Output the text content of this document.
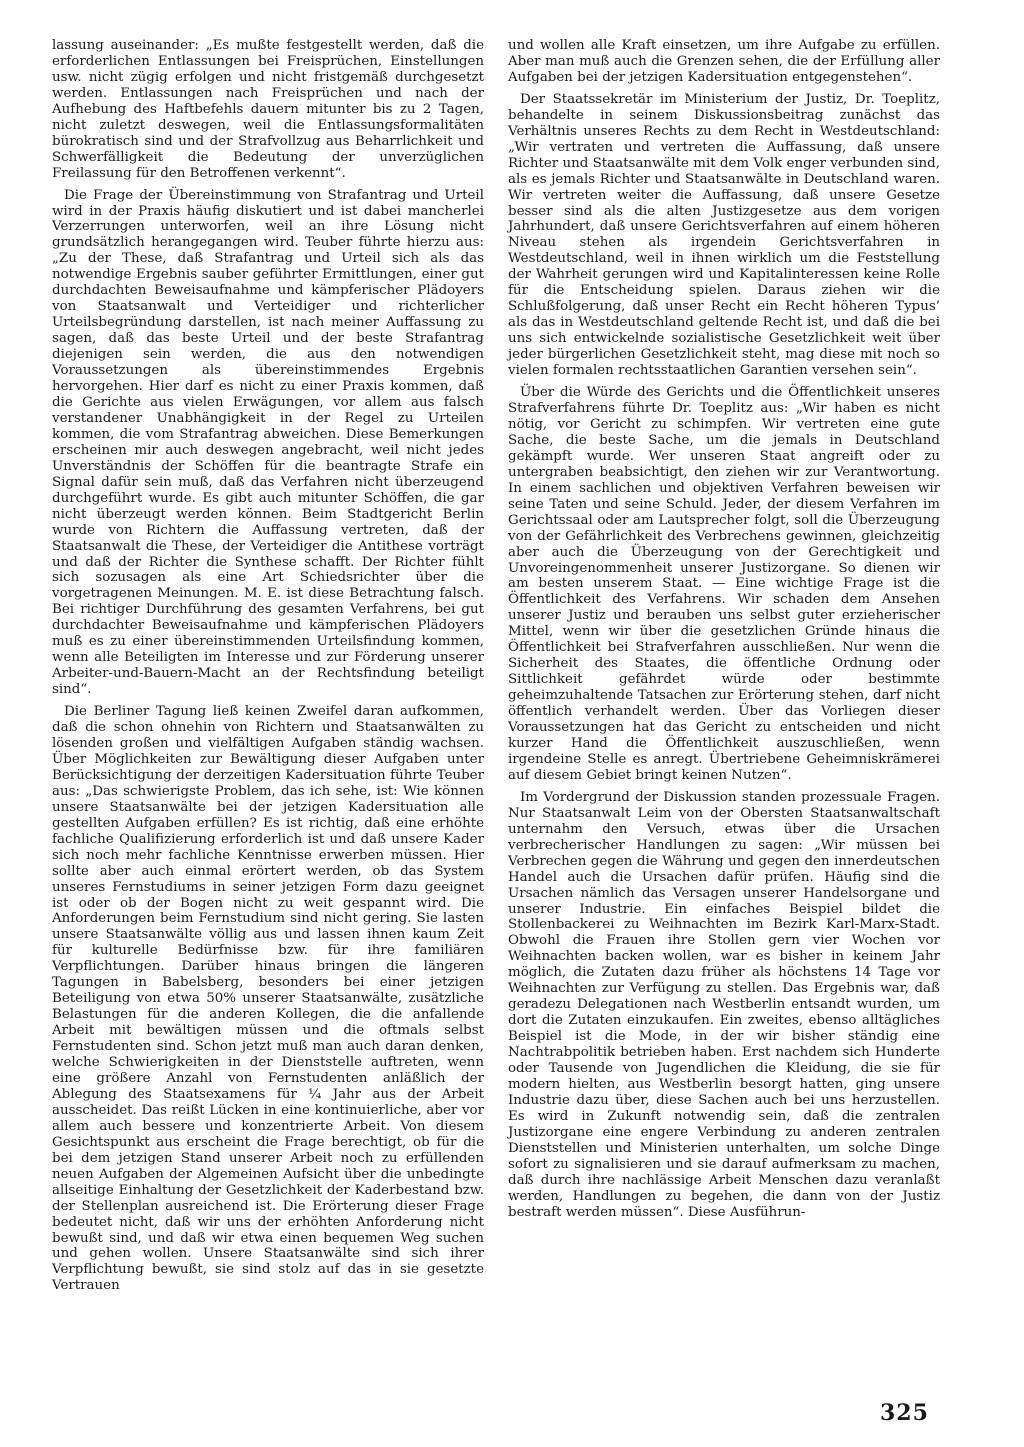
lassung auseinander: „Es mußte festgestellt werden, daß die erforderlichen Entlassungen bei Freisprüchen, Einstellungen usw. nicht zügig erfolgen und nicht fristgemäß durchgesetzt werden. Entlassungen nach Freisprüchen und nach der Aufhebung des Haftbefehls dauern mitunter bis zu 2 Tagen, nicht zuletzt deswegen, weil die Entlassungsformalitäten bürokratisch sind und der Strafvollzug aus Beharrlichkeit und Schwerfälligkeit die Bedeutung der unverzüglichen Freilassung für den Betroffenen verkennt“.

Die Frage der Übereinstimmung von Strafantrag und Urteil wird in der Praxis häufig diskutiert und ist dabei mancherlei Verzerrungen unterworfen, weil an ihre Lösung nicht grundsätzlich herangegangen wird. Teuber führte hierzu aus: „Zu der These, daß Strafantrag und Urteil sich als das notwendige Ergebnis sauber geführter Ermittlungen, einer gut durchdachten Beweisaufnahme und kämpferischer Plädoyers von Staatsanwalt und Verteidiger und richterlicher Urteilsbegründung darstellen, ist nach meiner Auffassung zu sagen, daß das beste Urteil und der beste Strafantrag diejenigen sein werden, die aus den notwendigen Voraussetzungen als übereinstimmendes Ergebnis hervorgehen. Hier darf es nicht zu einer Praxis kommen, daß die Gerichte aus vielen Erwägungen, vor allem aus falsch verstandener Unabhängigkeit in der Regel zu Urteilen kommen, die vom Strafantrag abweichen. Diese Bemerkungen erscheinen mir auch deswegen angebracht, weil nicht jedes Unverständnis der Schöffen für die beantragte Strafe ein Signal dafür sein muß, daß das Verfahren nicht überzeugend durchgeführt wurde. Es gibt auch mitunter Schöffen, die gar nicht überzeugt werden können. Beim Stadtgericht Berlin wurde von Richtern die Auffassung vertreten, daß der Staatsanwalt die These, der Verteidiger die Antithese vorträgt und daß der Richter die Synthese schafft. Der Richter fühlt sich sozusagen als eine Art Schiedsrichter über die vorgetragenen Meinungen. M. E. ist diese Betrachtung falsch. Bei richtiger Durchführung des gesamten Verfahrens, bei gut durchdachter Beweisaufnahme und kämpferischen Plädoyers muß es zu einer übereinstimmenden Urteilsfindung kommen, wenn alle Beteiligten im Interesse und zur Förderung unserer Arbeiter-und-Bauern-Macht an der Rechtsfindung beteiligt sind“.

Die Berliner Tagung ließ keinen Zweifel daran aufkommen, daß die schon ohnehin von Richtern und Staatsanwälten zu lösenden großen und vielfältigen Aufgaben ständig wachsen. Über Möglichkeiten zur Bewältigung dieser Aufgaben unter Berücksichtigung der derzeitigen Kadersituation führte Teuber aus: „Das schwierigste Problem, das ich sehe, ist: Wie können unsere Staatsanwälte bei der jetzigen Kadersituation alle gestellten Aufgaben erfüllen? Es ist richtig, daß eine erhöhte fachliche Qualifizierung erforderlich ist und daß unsere Kader sich noch mehr fachliche Kenntnisse erwerben müssen. Hier sollte aber auch einmal erörtert werden, ob das System unseres Fernstudiums in seiner jetzigen Form dazu geeignet ist oder ob der Bogen nicht zu weit gespannt wird. Die Anforderungen beim Fernstudium sind nicht gering. Sie lasten unsere Staatsanwälte völlig aus und lassen ihnen kaum Zeit für kulturelle Bedürfnisse bzw. für ihre familiären Verpflichtungen. Darüber hinaus bringen die längeren Tagungen in Babelsberg, besonders bei einer jetzigen Beteiligung von etwa 50% unserer Staatsanwälte, zusätzliche Belastungen für die anderen Kollegen, die die anfallende Arbeit mit bewältigen müssen und die oftmals selbst Fernstudenten sind. Schon jetzt muß man auch daran denken, welche Schwierigkeiten in der Dienststelle auftreten, wenn eine größere Anzahl von Fernstudenten anläßlich der Ablegung des Staatsexamens für ¼ Jahr aus der Arbeit ausscheidet. Das reißt Lücken in eine kontinuierliche, aber vor allem auch bessere und konzentrierte Arbeit. Von diesem Gesichtspunkt aus erscheint die Frage berechtigt, ob für die bei dem jetzigen Stand unserer Arbeit noch zu erfüllenden neuen Aufgaben der Algemeinen Aufsicht über die unbedingte allseitige Einhaltung der Gesetzlichkeit der Kaderbestand bzw. der Stellenplan ausreichend ist. Die Erörterung dieser Frage bedeutet nicht, daß wir uns der erhöhten Anforderung nicht bewußt sind, und daß wir etwa einen bequemen Weg suchen und gehen wollen. Unsere Staatsanwälte sind sich ihrer Verpflichtung bewußt, sie sind stolz auf das in sie gesetzte Vertrauen

und wollen alle Kraft einsetzen, um ihre Aufgabe zu erfüllen. Aber man muß auch die Grenzen sehen, die der Erfüllung aller Aufgaben bei der jetzigen Kadersituation entgegenstehen“.

Der Staatssekretär im Ministerium der Justiz, Dr. Toeplitz, behandelte in seinem Diskussionsbeitrag zunächst das Verhältnis unseres Rechts zu dem Recht in Westdeutschland: „Wir vertraten und vertreten die Auffassung, daß unsere Richter und Staatsanwälte mit dem Volk enger verbunden sind, als es jemals Richter und Staatsanwälte in Deutschland waren. Wir vertreten weiter die Auffassung, daß unsere Gesetze besser sind als die alten Justizgesetze aus dem vorigen Jahrhundert, daß unsere Gerichtsverfahren auf einem höheren Niveau stehen als irgendein Gerichtsverfahren in Westdeutschland, weil in ihnen wirklich um die Feststellung der Wahrheit gerungen wird und Kapitalinteressen keine Rolle für die Entscheidung spielen. Daraus ziehen wir die Schlußfolgerung, daß unser Recht ein Recht höheren Typus’ als das in Westdeutschland geltende Recht ist, und daß die bei uns sich entwickelnde sozialistische Gesetzlichkeit weit über jeder bürgerlichen Gesetzlichkeit steht, mag diese mit noch so vielen formalen rechtsstaatlichen Garantien versehen sein“.

Über die Würde des Gerichts und die Öffentlichkeit unseres Strafverfahrens führte Dr. Toeplitz aus: „Wir haben es nicht nötig, vor Gericht zu schimpfen. Wir vertreten eine gute Sache, die beste Sache, um die jemals in Deutschland gekämpft wurde. Wer unseren Staat angreift oder zu untergraben beabsichtigt, den ziehen wir zur Verantwortung. In einem sachlichen und objektiven Verfahren beweisen wir seine Taten und seine Schuld. Jeder, der diesem Verfahren im Gerichtssaal oder am Lautsprecher folgt, soll die Überzeugung von der Gefährlichkeit des Verbrechens gewinnen, gleichzeitig aber auch die Überzeugung von der Gerechtigkeit und Unvoreingenommenheit unserer Justizorgane. So dienen wir am besten unserem Staat. — Eine wichtige Frage ist die Öffentlichkeit des Verfahrens. Wir schaden dem Ansehen unserer Justiz und berauben uns selbst guter erzieherischer Mittel, wenn wir über die gesetzlichen Gründe hinaus die Öffentlichkeit bei Strafverfahren ausschließen. Nur wenn die Sicherheit des Staates, die öffentliche Ordnung oder Sittlichkeit gefährdet würde oder bestimmte geheimzuhaltende Tatsachen zur Erörterung stehen, darf nicht öffentlich verhandelt werden. Über das Vorliegen dieser Voraussetzungen hat das Gericht zu entscheiden und nicht kurzer Hand die Öffentlichkeit auszuschließen, wenn irgendeine Stelle es anregt. Übertriebene Geheimniskrämerei auf diesem Gebiet bringt keinen Nutzen“.

Im Vordergrund der Diskussion standen prozessuale Fragen. Nur Staatsanwalt Leim von der Obersten Staatsanwaltschaft unternahm den Versuch, etwas über die Ursachen verbrecherischer Handlungen zu sagen: „Wir müssen bei Verbrechen gegen die Währung und gegen den innerdeutschen Handel auch die Ursachen dafür prüfen. Häufig sind die Ursachen nämlich das Versagen unserer Handelsorgane und unserer Industrie. Ein einfaches Beispiel bildet die Stollenbackerei zu Weihnachten im Bezirk Karl-Marx-Stadt. Obwohl die Frauen ihre Stollen gern vier Wochen vor Weihnachten backen wollen, war es bisher in keinem Jahr möglich, die Zutaten dazu früher als höchstens 14 Tage vor Weihnachten zur Verfügung zu stellen. Das Ergebnis war, daß geradezu Delegationen nach Westberlin entsandt wurden, um dort die Zutaten einzukaufen. Ein zweites, ebenso alltägliches Beispiel ist die Mode, in der wir bisher ständig eine Nachtrabpolitik betrieben haben. Erst nachdem sich Hunderte oder Tausende von Jugendlichen die Kleidung, die sie für modern hielten, aus Westberlin besorgt hatten, ging unsere Industrie dazu über, diese Sachen auch bei uns herzustellen. Es wird in Zukunft notwendig sein, daß die zentralen Justizorgane eine engere Verbindung zu anderen zentralen Dienststellen und Ministerien unterhalten, um solche Dinge sofort zu signalisieren und sie darauf aufmerksam zu machen, daß durch ihre nachlässige Arbeit Menschen dazu veranlaßt werden, Handlungen zu begehen, die dann von der Justiz bestraft werden müssen“. Diese Ausführun-

325
